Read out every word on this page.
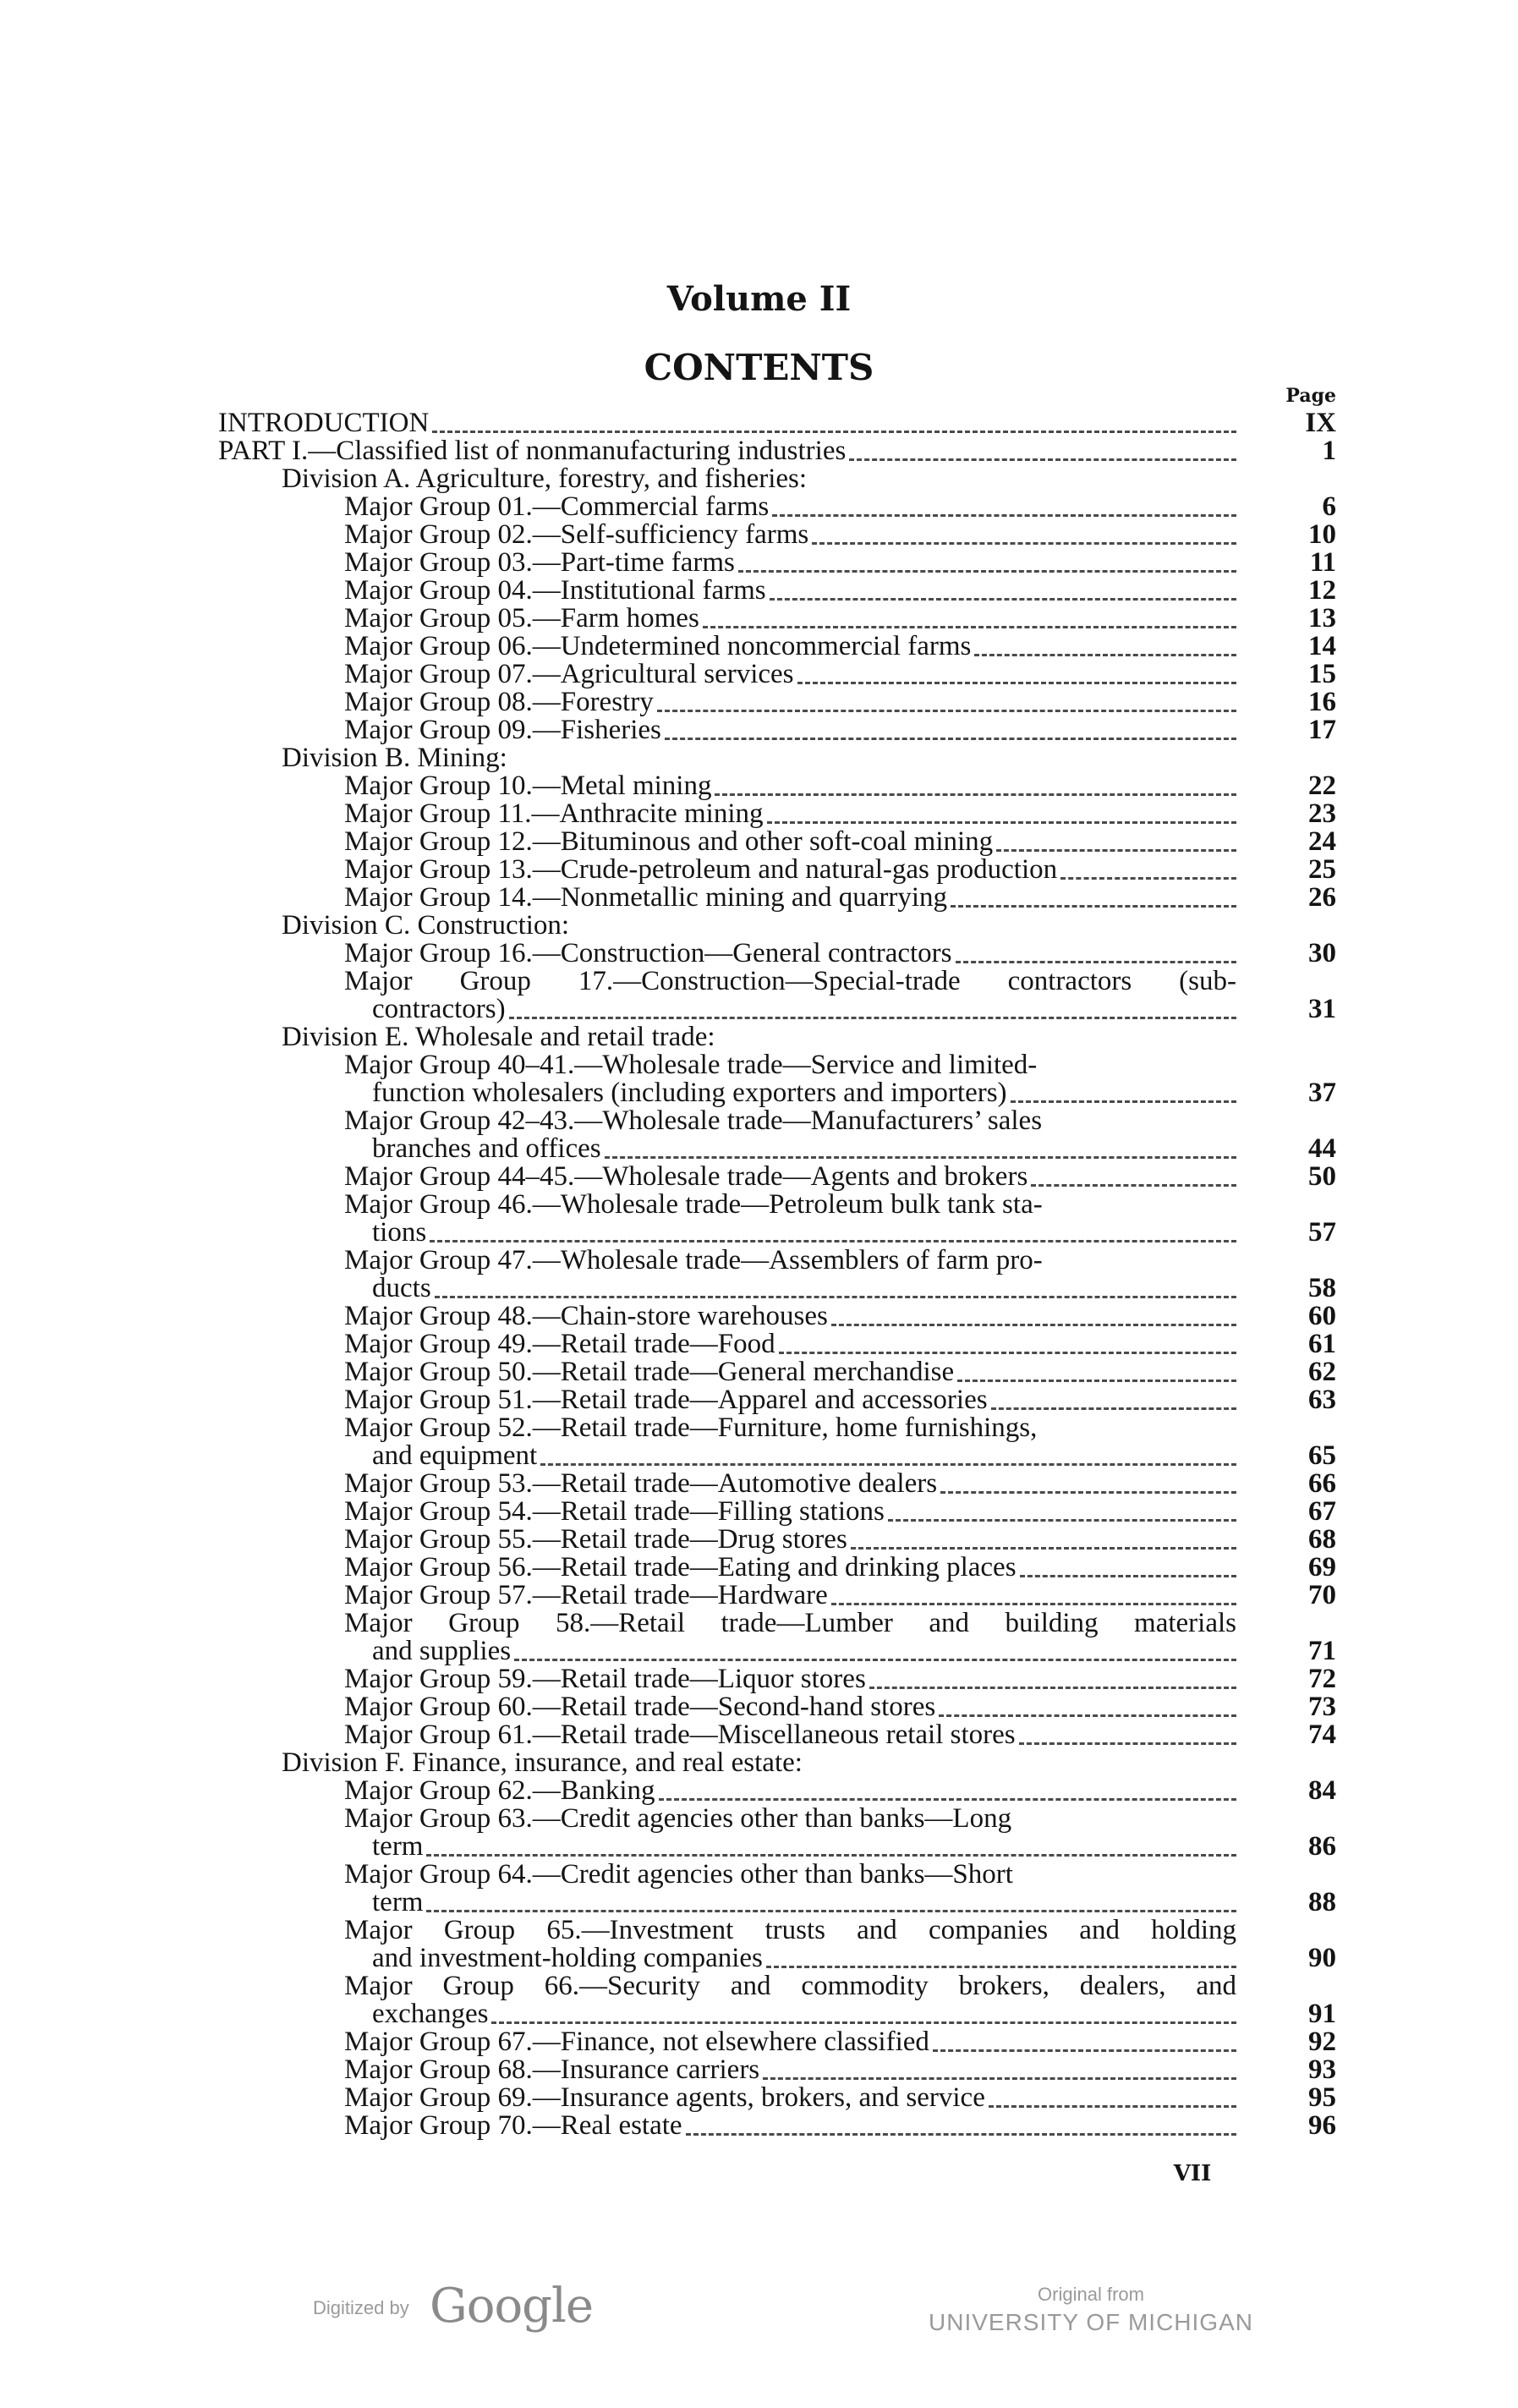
Volume II
CONTENTS
Page
INTRODUCTION	IX
PART I.—Classified list of nonmanufacturing industries	1
Division A. Agriculture, forestry, and fisheries:
Major Group 01.—Commercial farms	6
Major Group 02.—Self-sufficiency farms	10
Major Group 03.—Part-time farms	11
Major Group 04.—Institutional farms	12
Major Group 05.—Farm homes	13
Major Group 06.—Undetermined noncommercial farms	14
Major Group 07.—Agricultural services	15
Major Group 08.—Forestry	16
Major Group 09.—Fisheries	17
Division B. Mining:
Major Group 10.—Metal mining	22
Major Group 11.—Anthracite mining	23
Major Group 12.—Bituminous and other soft-coal mining	24
Major Group 13.—Crude-petroleum and natural-gas production	25
Major Group 14.—Nonmetallic mining and quarrying	26
Division C. Construction:
Major Group 16.—Construction—General contractors	30
Major Group 17.—Construction—Special-trade contractors (sub-
contractors)	31
Division E. Wholesale and retail trade:
Major Group 40–41.—Wholesale trade—Service and limited-
function wholesalers (including exporters and importers)	37
Major Group 42–43.—Wholesale trade—Manufacturers’ sales
branches and offices	44
Major Group 44–45.—Wholesale trade—Agents and brokers	50
Major Group 46.—Wholesale trade—Petroleum bulk tank sta-
tions	57
Major Group 47.—Wholesale trade—Assemblers of farm pro-
ducts	58
Major Group 48.—Chain-store warehouses	60
Major Group 49.—Retail trade—Food	61
Major Group 50.—Retail trade—General merchandise	62
Major Group 51.—Retail trade—Apparel and accessories	63
Major Group 52.—Retail trade—Furniture, home furnishings,
and equipment	65
Major Group 53.—Retail trade—Automotive dealers	66
Major Group 54.—Retail trade—Filling stations	67
Major Group 55.—Retail trade—Drug stores	68
Major Group 56.—Retail trade—Eating and drinking places	69
Major Group 57.—Retail trade—Hardware	70
Major Group 58.—Retail trade—Lumber and building materials
and supplies	71
Major Group 59.—Retail trade—Liquor stores	72
Major Group 60.—Retail trade—Second-hand stores	73
Major Group 61.—Retail trade—Miscellaneous retail stores	74
Division F. Finance, insurance, and real estate:
Major Group 62.—Banking	84
Major Group 63.—Credit agencies other than banks—Long
term	86
Major Group 64.—Credit agencies other than banks—Short
term	88
Major Group 65.—Investment trusts and companies and holding
and investment-holding companies	90
Major Group 66.—Security and commodity brokers, dealers, and
exchanges	91
Major Group 67.—Finance, not elsewhere classified	92
Major Group 68.—Insurance carriers	93
Major Group 69.—Insurance agents, brokers, and service	95
Major Group 70.—Real estate	96
VII
Digitized by Google	Original from
UNIVERSITY OF MICHIGAN
